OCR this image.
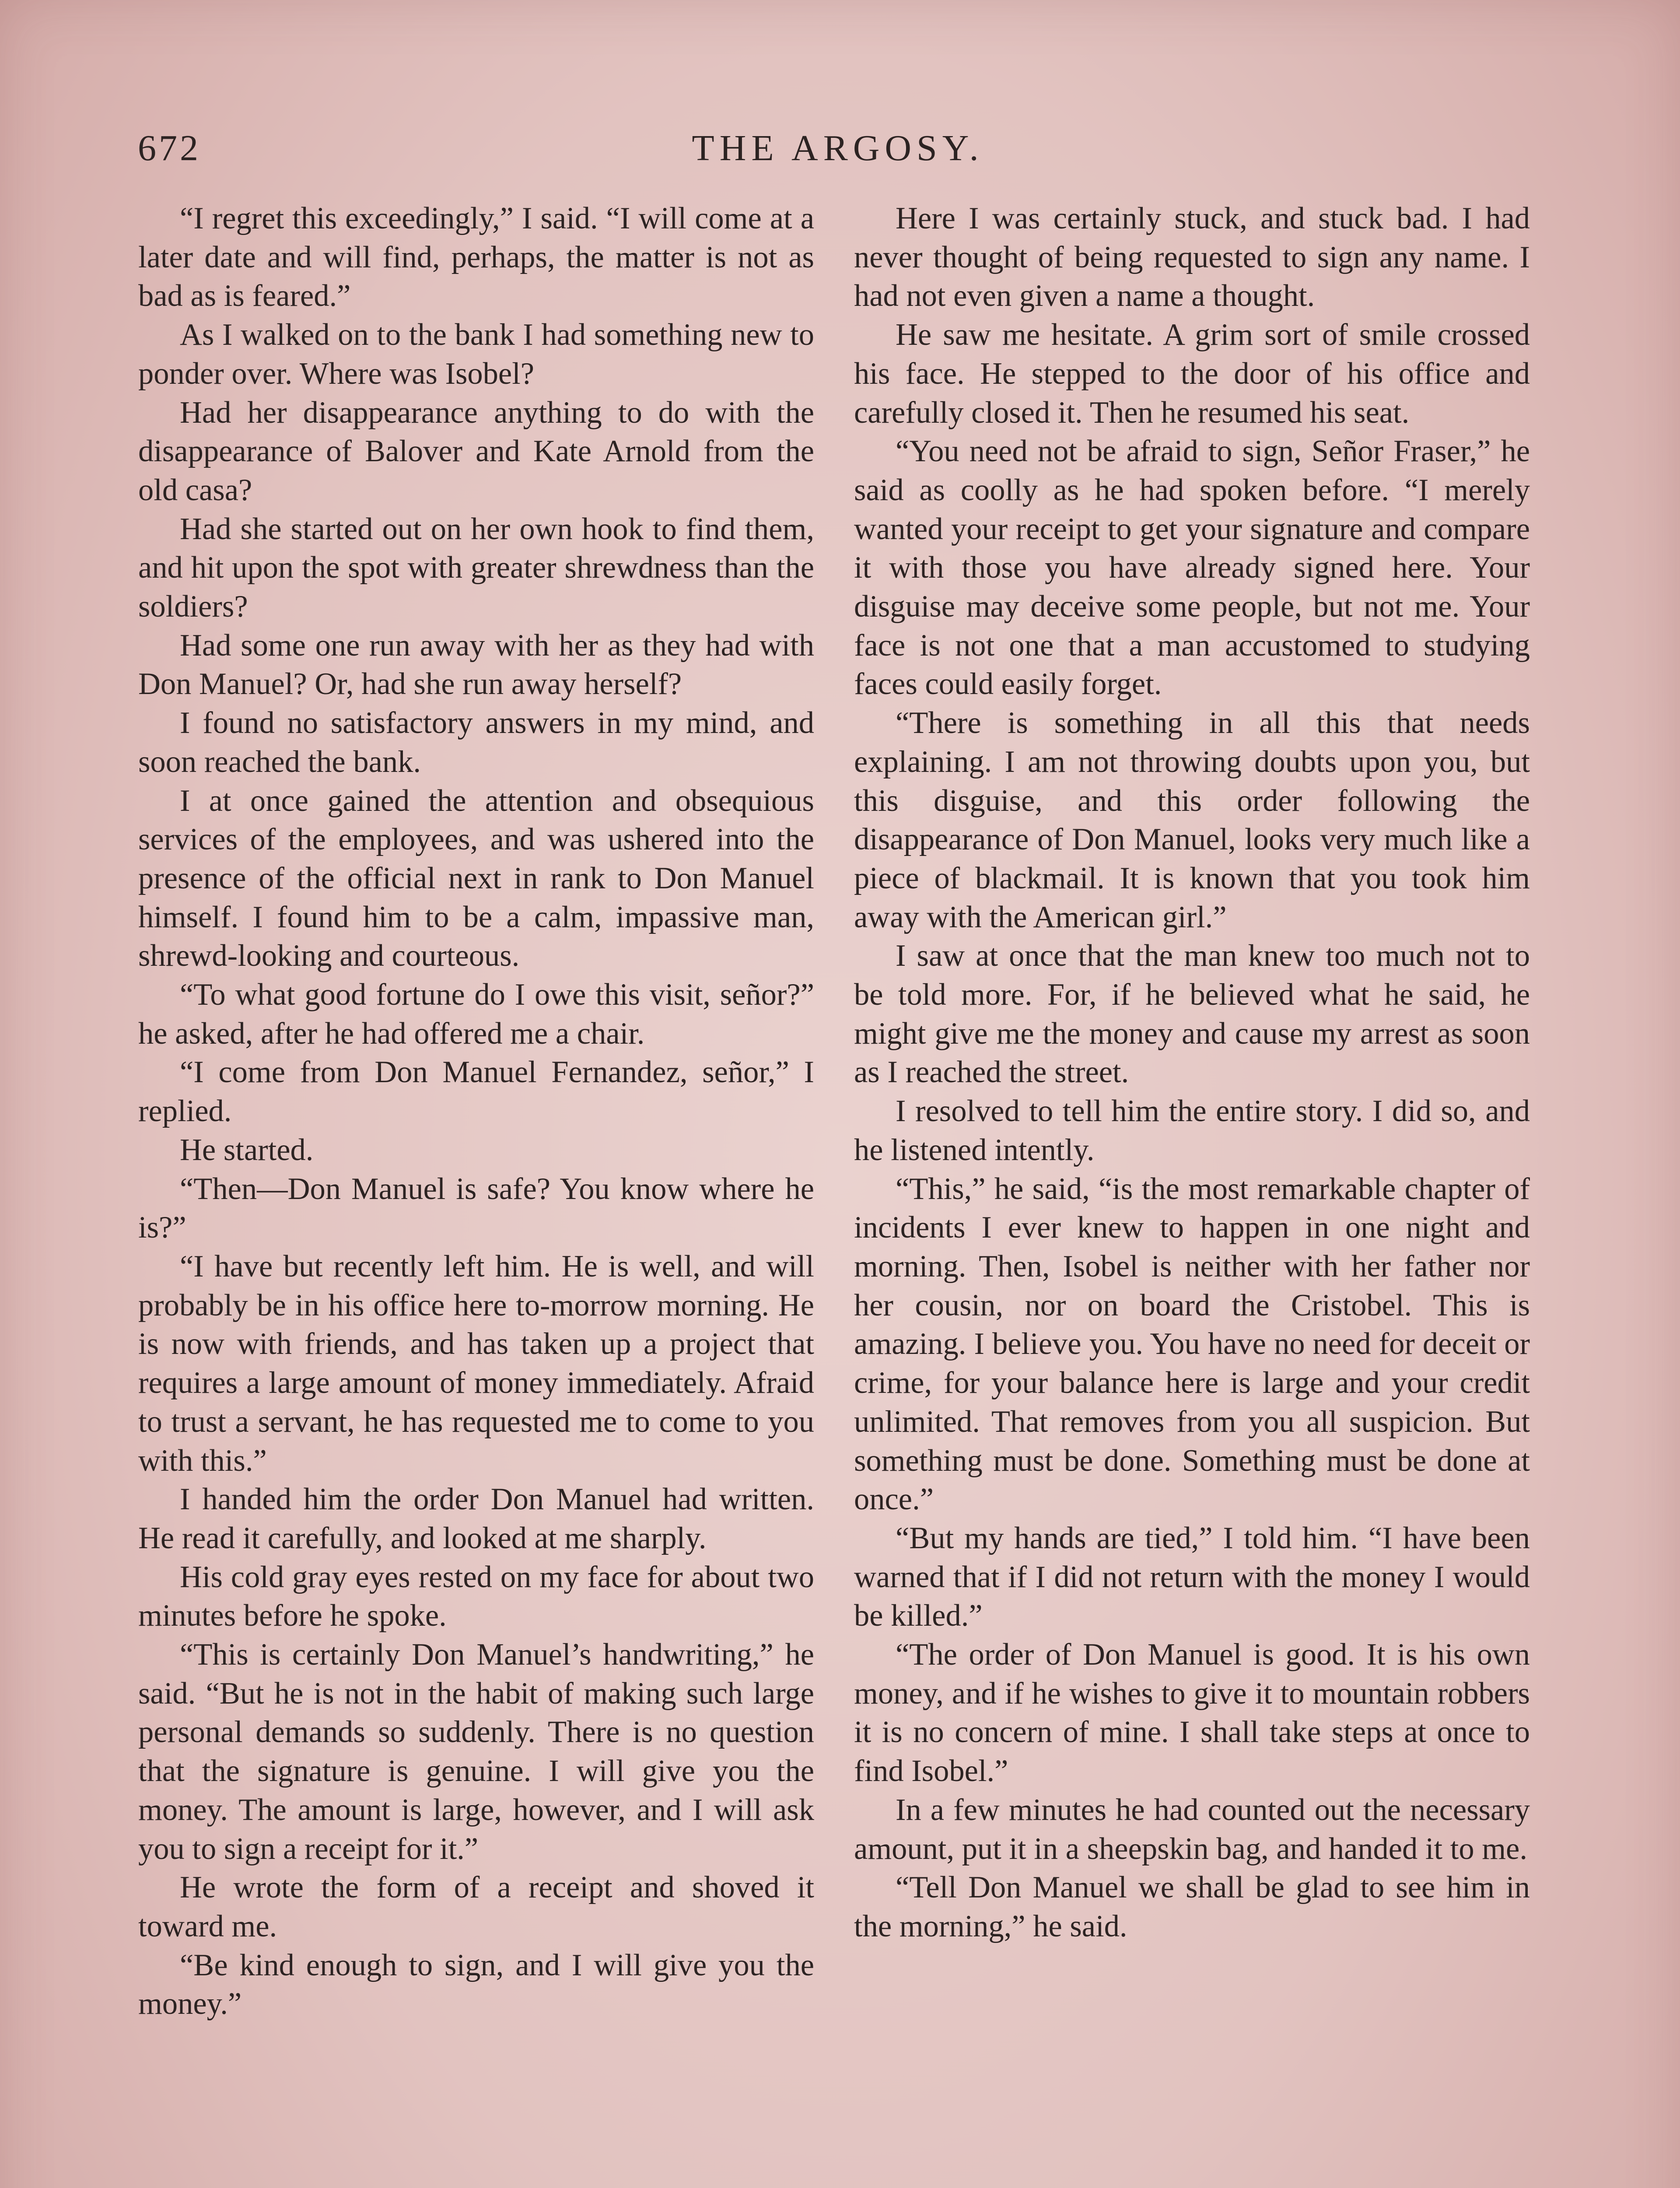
672	THE ARGOSY.

“I regret this exceedingly,” I said. “I will come at a later date and will find, perhaps, the matter is not as bad as is feared.”

As I walked on to the bank I had something new to ponder over. Where was Isobel?

Had her disappearance anything to do with the disappearance of Balover and Kate Arnold from the old casa?

Had she started out on her own hook to find them, and hit upon the spot with greater shrewdness than the soldiers?

Had some one run away with her as they had with Don Manuel? Or, had she run away herself?

I found no satisfactory answers in my mind, and soon reached the bank.

I at once gained the attention and obsequious services of the employees, and was ushered into the presence of the official next in rank to Don Manuel himself. I found him to be a calm, impassive man, shrewd-looking and courteous.

“To what good fortune do I owe this visit, señor?” he asked, after he had offered me a chair.

“I come from Don Manuel Fernandez, señor,” I replied.

He started.

“Then—Don Manuel is safe? You know where he is?”

“I have but recently left him. He is well, and will probably be in his office here to-morrow morning. He is now with friends, and has taken up a project that requires a large amount of money immediately. Afraid to trust a servant, he has requested me to come to you with this.”

I handed him the order Don Manuel had written. He read it carefully, and looked at me sharply.

His cold gray eyes rested on my face for about two minutes before he spoke.

“This is certainly Don Manuel’s handwriting,” he said. “But he is not in the habit of making such large personal demands so suddenly. There is no question that the signature is genuine. I will give you the money. The amount is large, however, and I will ask you to sign a receipt for it.”

He wrote the form of a receipt and shoved it toward me.

“Be kind enough to sign, and I will give you the money.”

Here I was certainly stuck, and stuck bad. I had never thought of being requested to sign any name. I had not even given a name a thought.

He saw me hesitate. A grim sort of smile crossed his face. He stepped to the door of his office and carefully closed it. Then he resumed his seat.

“You need not be afraid to sign, Señor Fraser,” he said as coolly as he had spoken before. “I merely wanted your receipt to get your signature and compare it with those you have already signed here. Your disguise may deceive some people, but not me. Your face is not one that a man accustomed to studying faces could easily forget.

“There is something in all this that needs explaining. I am not throwing doubts upon you, but this disguise, and this order following the disappearance of Don Manuel, looks very much like a piece of blackmail. It is known that you took him away with the American girl.”

I saw at once that the man knew too much not to be told more. For, if he believed what he said, he might give me the money and cause my arrest as soon as I reached the street.

I resolved to tell him the entire story. I did so, and he listened intently.

“This,” he said, “is the most remarkable chapter of incidents I ever knew to happen in one night and morning. Then, Isobel is neither with her father nor her cousin, nor on board the Cristobel. This is amazing. I believe you. You have no need for deceit or crime, for your balance here is large and your credit unlimited. That removes from you all suspicion. But something must be done. Something must be done at once.”

“But my hands are tied,” I told him. “I have been warned that if I did not return with the money I would be killed.”

“The order of Don Manuel is good. It is his own money, and if he wishes to give it to mountain robbers it is no concern of mine. I shall take steps at once to find Isobel.”

In a few minutes he had counted out the necessary amount, put it in a sheepskin bag, and handed it to me.

“Tell Don Manuel we shall be glad to see him in the morning,” he said.
